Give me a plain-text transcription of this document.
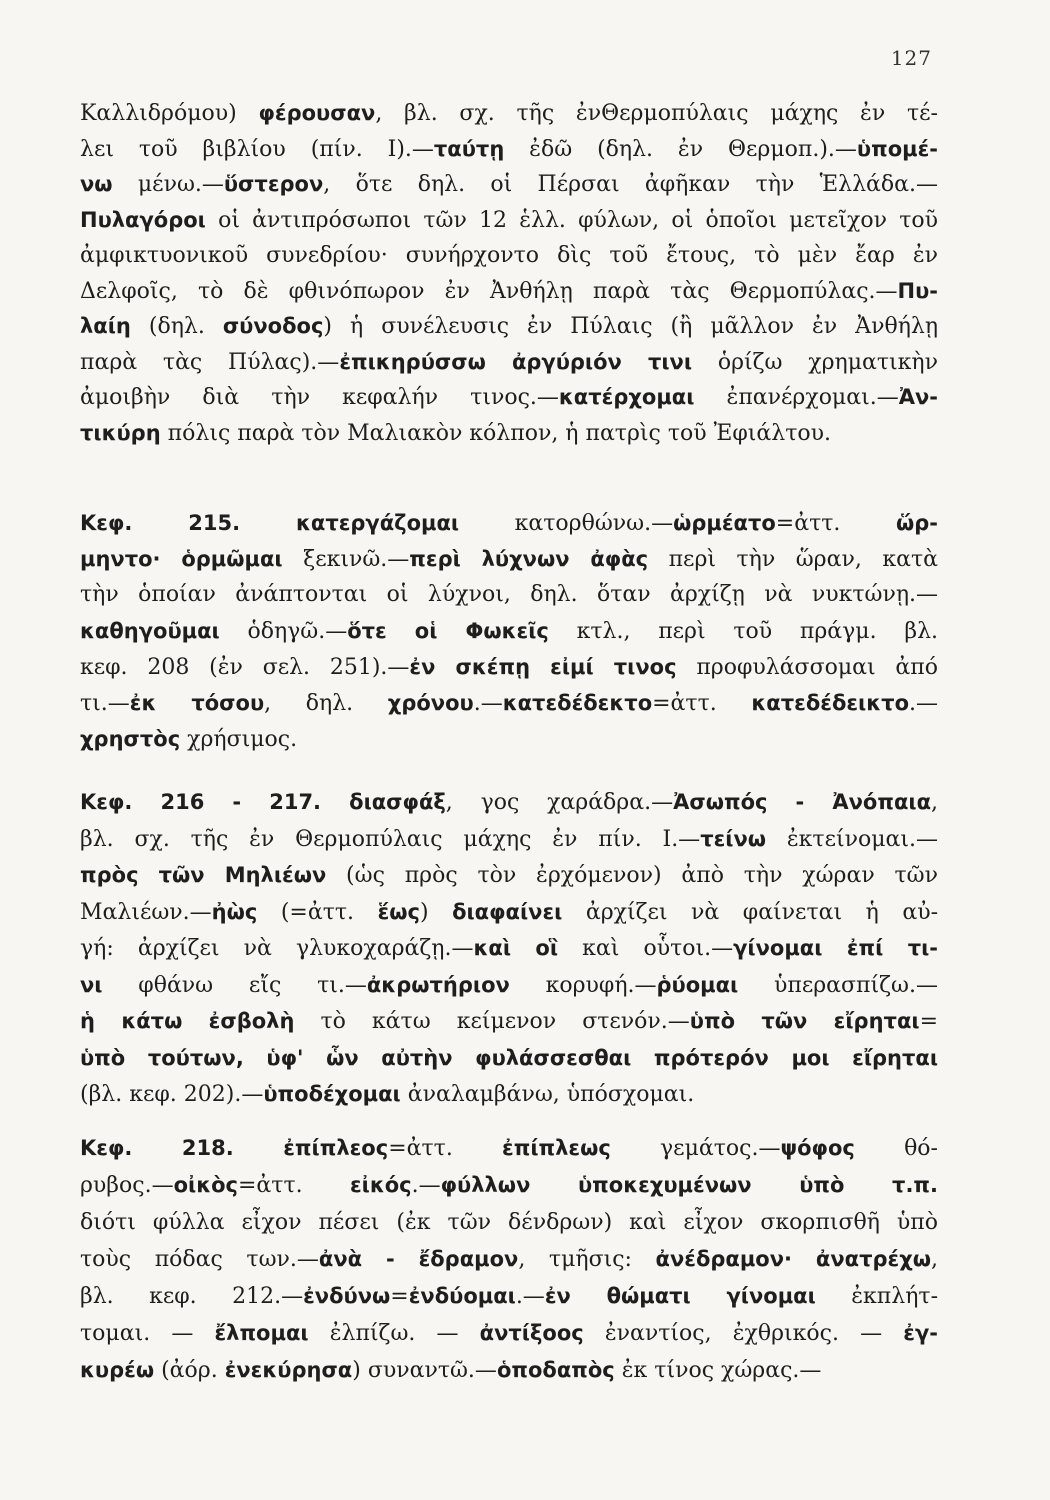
127
Καλλιδρόμου) φέρουσαν, βλ. σχ. τῆς ἐνΘερμοπύλαις μάχης ἐν τέ-
λει τοῦ βιβλίου (πίν. Ι).—ταύτῃ ἐδῶ (δηλ. ἐν Θερμοπ.).—ὑπομέ-
νω μένω.—ὕστερον, ὅτε δηλ. οἱ Πέρσαι ἀφῆκαν τὴν Ἑλλάδα.—
Πυλαγόροι οἱ ἀντιπρόσωποι τῶν 12 ἑλλ. φύλων, οἱ ὁποῖοι μετεῖχον τοῦ
ἀμφικτυονικοῦ συνεδρίου· συνήρχοντο δὶς τοῦ ἔτους, τὸ μὲν ἔαρ ἐν
Δελφοῖς, τὸ δὲ φθινόπωρον ἐν Ἀνθήλῃ παρὰ τὰς Θερμοπύλας.—Πυ-
λαίη (δηλ. σύνοδος) ἡ συνέλευσις ἐν Πύλαις (ἢ μᾶλλον ἐν Ἀνθήλῃ
παρὰ τὰς Πύλας).—ἐπικηρύσσω ἀργύριόν τινι ὁρίζω χρηματικὴν
ἀμοιβὴν διὰ τὴν κεφαλήν τινος.—κατέρχομαι ἐπανέρχομαι.—Ἀν-
τικύρη πόλις παρὰ τὸν Μαλιακὸν κόλπον, ἡ πατρὶς τοῦ Ἐφιάλτου.
Κεφ. 215. κατεργάζομαι κατορθώνω.—ὡρμέατο=ἀττ. ὥρ-
μηντο· ὁρμῶμαι ξεκινῶ.—περὶ λύχνων ἀφὰς περὶ τὴν ὥραν, κατὰ
τὴν ὁποίαν ἀνάπτονται οἱ λύχνοι, δηλ. ὅταν ἀρχίζῃ νὰ νυκτώνῃ.—
καθηγοῦμαι ὁδηγῶ.—ὅτε οἱ Φωκεῖς κτλ., περὶ τοῦ πράγμ. βλ.
κεφ. 208 (ἐν σελ. 251).—ἐν σκέπῃ εἰμί τινος προφυλάσσομαι ἀπό
τι.—ἐκ τόσου, δηλ. χρόνου.—κατεδέδεκτο=ἀττ. κατεδέδεικτο.—
χρηστὸς χρήσιμος.
Κεφ. 216 - 217. διασφάξ, γος χαράδρα.—Ἀσωπός - Ἀνόπαια,
βλ. σχ. τῆς ἐν Θερμοπύλαις μάχης ἐν πίν. Ι.—τείνω ἐκτείνομαι.—
πρὸς τῶν Μηλιέων (ὡς πρὸς τὸν ἐρχόμενον) ἀπὸ τὴν χώραν τῶν
Μαλιέων.—ἠὼς (=ἀττ. ἕως) διαφαίνει ἀρχίζει νὰ φαίνεται ἡ αὐ-
γή: ἀρχίζει νὰ γλυκοχαράζῃ.—καὶ οἳ καὶ οὗτοι.—γίνομαι ἐπί τι-
νι φθάνω εἴς τι.—ἀκρωτήριον κορυφή.—ῥύομαι ὑπερασπίζω.—
ἡ κάτω ἐσβολὴ τὸ κάτω κείμενον στενόν.—ὑπὸ τῶν εἴρηται=
ὑπὸ τούτων, ὑφ' ὧν αὐτὴν φυλάσσεσθαι πρότερόν μοι εἴρηται
(βλ. κεφ. 202).—ὑποδέχομαι ἀναλαμβάνω, ὑπόσχομαι.
Κεφ. 218. ἐπίπλεος=ἀττ. ἐπίπλεως γεμάτος.—ψόφος θό-
ρυβος.—οἰκὸς=ἀττ. εἰκός.—φύλλων ὑποκεχυμένων ὑπὸ τ.π.
διότι φύλλα εἶχον πέσει (ἐκ τῶν δένδρων) καὶ εἶχον σκορπισθῆ ὑπὸ
τοὺς πόδας των.—ἀνὰ - ἔδραμον, τμῆσις: ἀνέδραμον· ἀνατρέχω,
βλ. κεφ. 212.—ἐνδύνω=ἐνδύομαι.—ἐν θώματι γίνομαι ἐκπλήτ-
τομαι. — ἔλπομαι ἐλπίζω. — ἀντίξοος ἐναντίος, ἐχθρικός. — ἐγ-
κυρέω (ἀόρ. ἐνεκύρησα) συναντῶ.—ὁποδαπὸς ἐκ τίνος χώρας.—
